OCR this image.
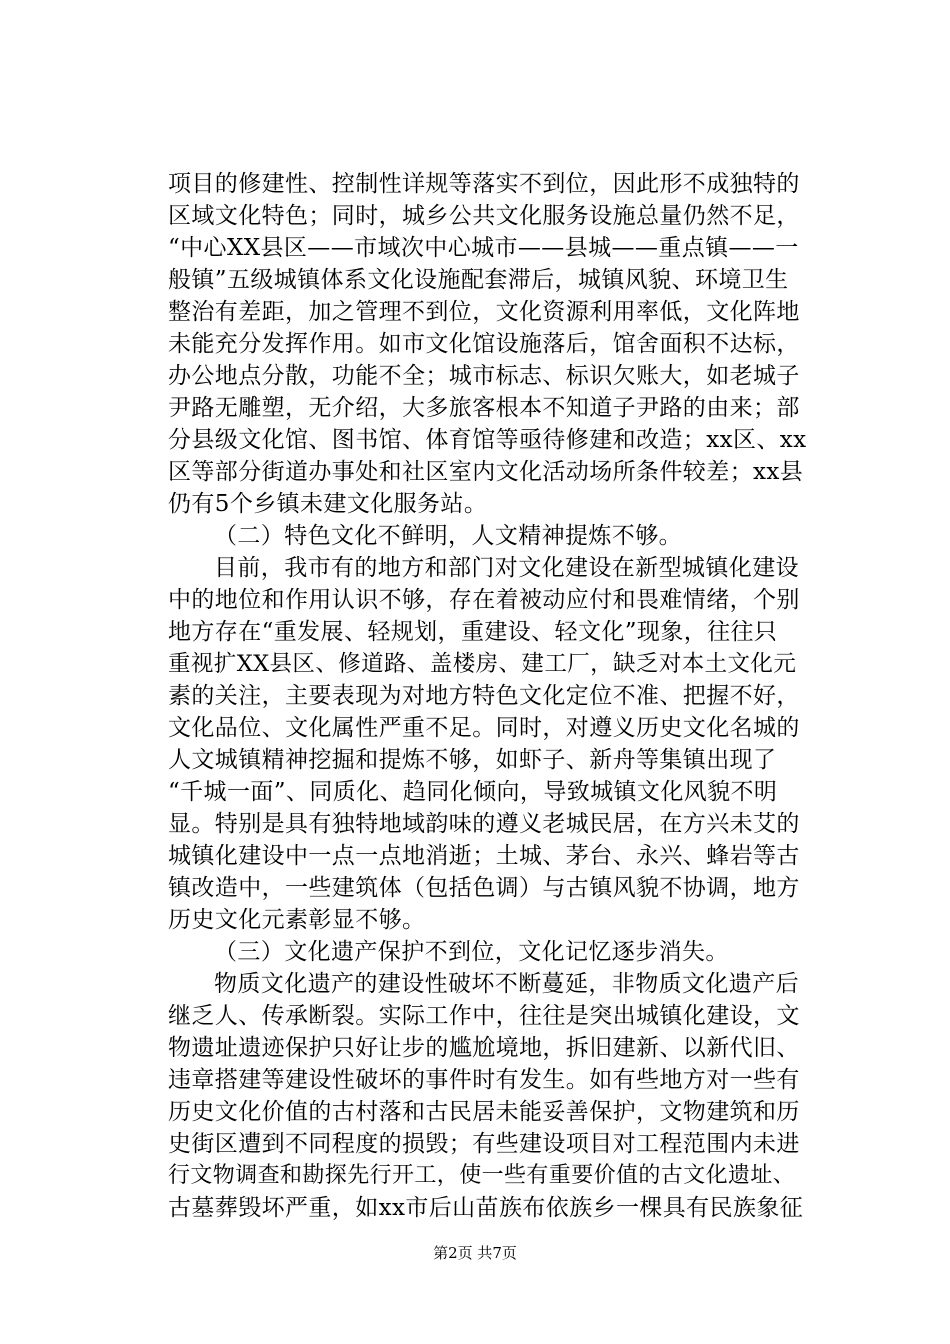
项目的修建性、控制性详规等落实不到位，因此形不成独特的
区域文化特色；同时，城乡公共文化服务设施总量仍然不足，
“中心XX县区——市域次中心城市——县城——重点镇——一
般镇”五级城镇体系文化设施配套滞后，城镇风貌、环境卫生
整治有差距，加之管理不到位，文化资源利用率低，文化阵地
未能充分发挥作用。如市文化馆设施落后，馆舍面积不达标，
办公地点分散，功能不全；城市标志、标识欠账大，如老城子
尹路无雕塑，无介绍，大多旅客根本不知道子尹路的由来；部
分县级文化馆、图书馆、体育馆等亟待修建和改造；xx区、xx
区等部分街道办事处和社区室内文化活动场所条件较差；xx县
仍有5个乡镇未建文化服务站。
（二）特色文化不鲜明，人文精神提炼不够。
目前，我市有的地方和部门对文化建设在新型城镇化建设
中的地位和作用认识不够，存在着被动应付和畏难情绪，个别
地方存在“重发展、轻规划，重建设、轻文化”现象，往往只
重视扩XX县区、修道路、盖楼房、建工厂，缺乏对本土文化元
素的关注，主要表现为对地方特色文化定位不准、把握不好，
文化品位、文化属性严重不足。同时，对遵义历史文化名城的
人文城镇精神挖掘和提炼不够，如虾子、新舟等集镇出现了
“千城一面”、同质化、趋同化倾向，导致城镇文化风貌不明
显。特别是具有独特地域韵味的遵义老城民居，在方兴未艾的
城镇化建设中一点一点地消逝；土城、茅台、永兴、蜂岩等古
镇改造中，一些建筑体（包括色调）与古镇风貌不协调，地方
历史文化元素彰显不够。
（三）文化遗产保护不到位，文化记忆逐步消失。
物质文化遗产的建设性破坏不断蔓延，非物质文化遗产后
继乏人、传承断裂。实际工作中，往往是突出城镇化建设，文
物遗址遗迹保护只好让步的尴尬境地，拆旧建新、以新代旧、
违章搭建等建设性破坏的事件时有发生。如有些地方对一些有
历史文化价值的古村落和古民居未能妥善保护，文物建筑和历
史街区遭到不同程度的损毁；有些建设项目对工程范围内未进
行文物调查和勘探先行开工，使一些有重要价值的古文化遗址、
古墓葬毁坏严重，如xx市后山苗族布依族乡一棵具有民族象征
第2页 共7页
